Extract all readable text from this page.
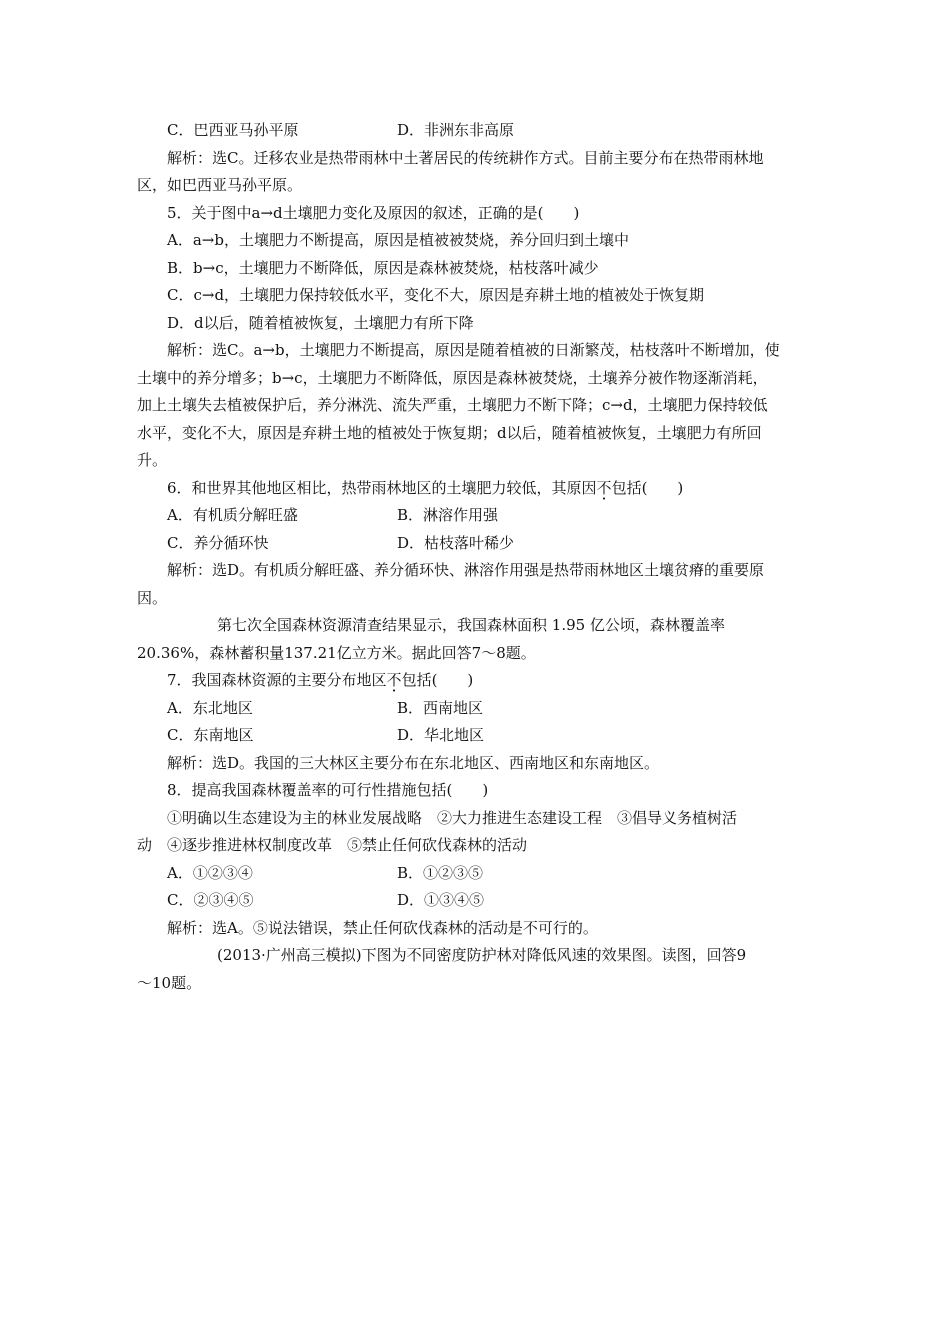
C．巴西亚马孙平原	D．非洲东非高原
解析：选C。迁移农业是热带雨林中土著居民的传统耕作方式。目前主要分布在热带雨林地
区，如巴西亚马孙平原。
5．关于图中a→d土壤肥力变化及原因的叙述，正确的是(　　)
A．a→b，土壤肥力不断提高，原因是植被被焚烧，养分回归到土壤中
B．b→c，土壤肥力不断降低，原因是森林被焚烧，枯枝落叶减少
C．c→d，土壤肥力保持较低水平，变化不大，原因是弃耕土地的植被处于恢复期
D．d以后，随着植被恢复，土壤肥力有所下降
解析：选C。a→b，土壤肥力不断提高，原因是随着植被的日渐繁茂，枯枝落叶不断增加，使
土壤中的养分增多；b→c，土壤肥力不断降低，原因是森林被焚烧，土壤养分被作物逐渐消耗，
加上土壤失去植被保护后，养分淋洗、流失严重，土壤肥力不断下降；c→d，土壤肥力保持较低
水平，变化不大，原因是弃耕土地的植被处于恢复期；d以后，随着植被恢复，土壤肥力有所回
升。
6．和世界其他地区相比，热带雨林地区的土壤肥力较低，其原因不包括(　　)
A．有机质分解旺盛	B．淋溶作用强
C．养分循环快	D．枯枝落叶稀少
解析：选D。有机质分解旺盛、养分循环快、淋溶作用强是热带雨林地区土壤贫瘠的重要原
因。
第七次全国森林资源清查结果显示，我国森林面积 1.95 亿公顷，森林覆盖率
20.36%，森林蓄积量137.21亿立方米。据此回答7～8题。
7．我国森林资源的主要分布地区不包括(　　)
A．东北地区	B．西南地区
C．东南地区	D．华北地区
解析：选D。我国的三大林区主要分布在东北地区、西南地区和东南地区。
8．提高我国森林覆盖率的可行性措施包括(　　)
①明确以生态建设为主的林业发展战略　②大力推进生态建设工程　③倡导义务植树活
动　④逐步推进林权制度改革　⑤禁止任何砍伐森林的活动
A．①②③④	B．①②③⑤
C．②③④⑤	D．①③④⑤
解析：选A。⑤说法错误，禁止任何砍伐森林的活动是不可行的。
(2013·广州高三模拟)下图为不同密度防护林对降低风速的效果图。读图，回答9
～10题。
